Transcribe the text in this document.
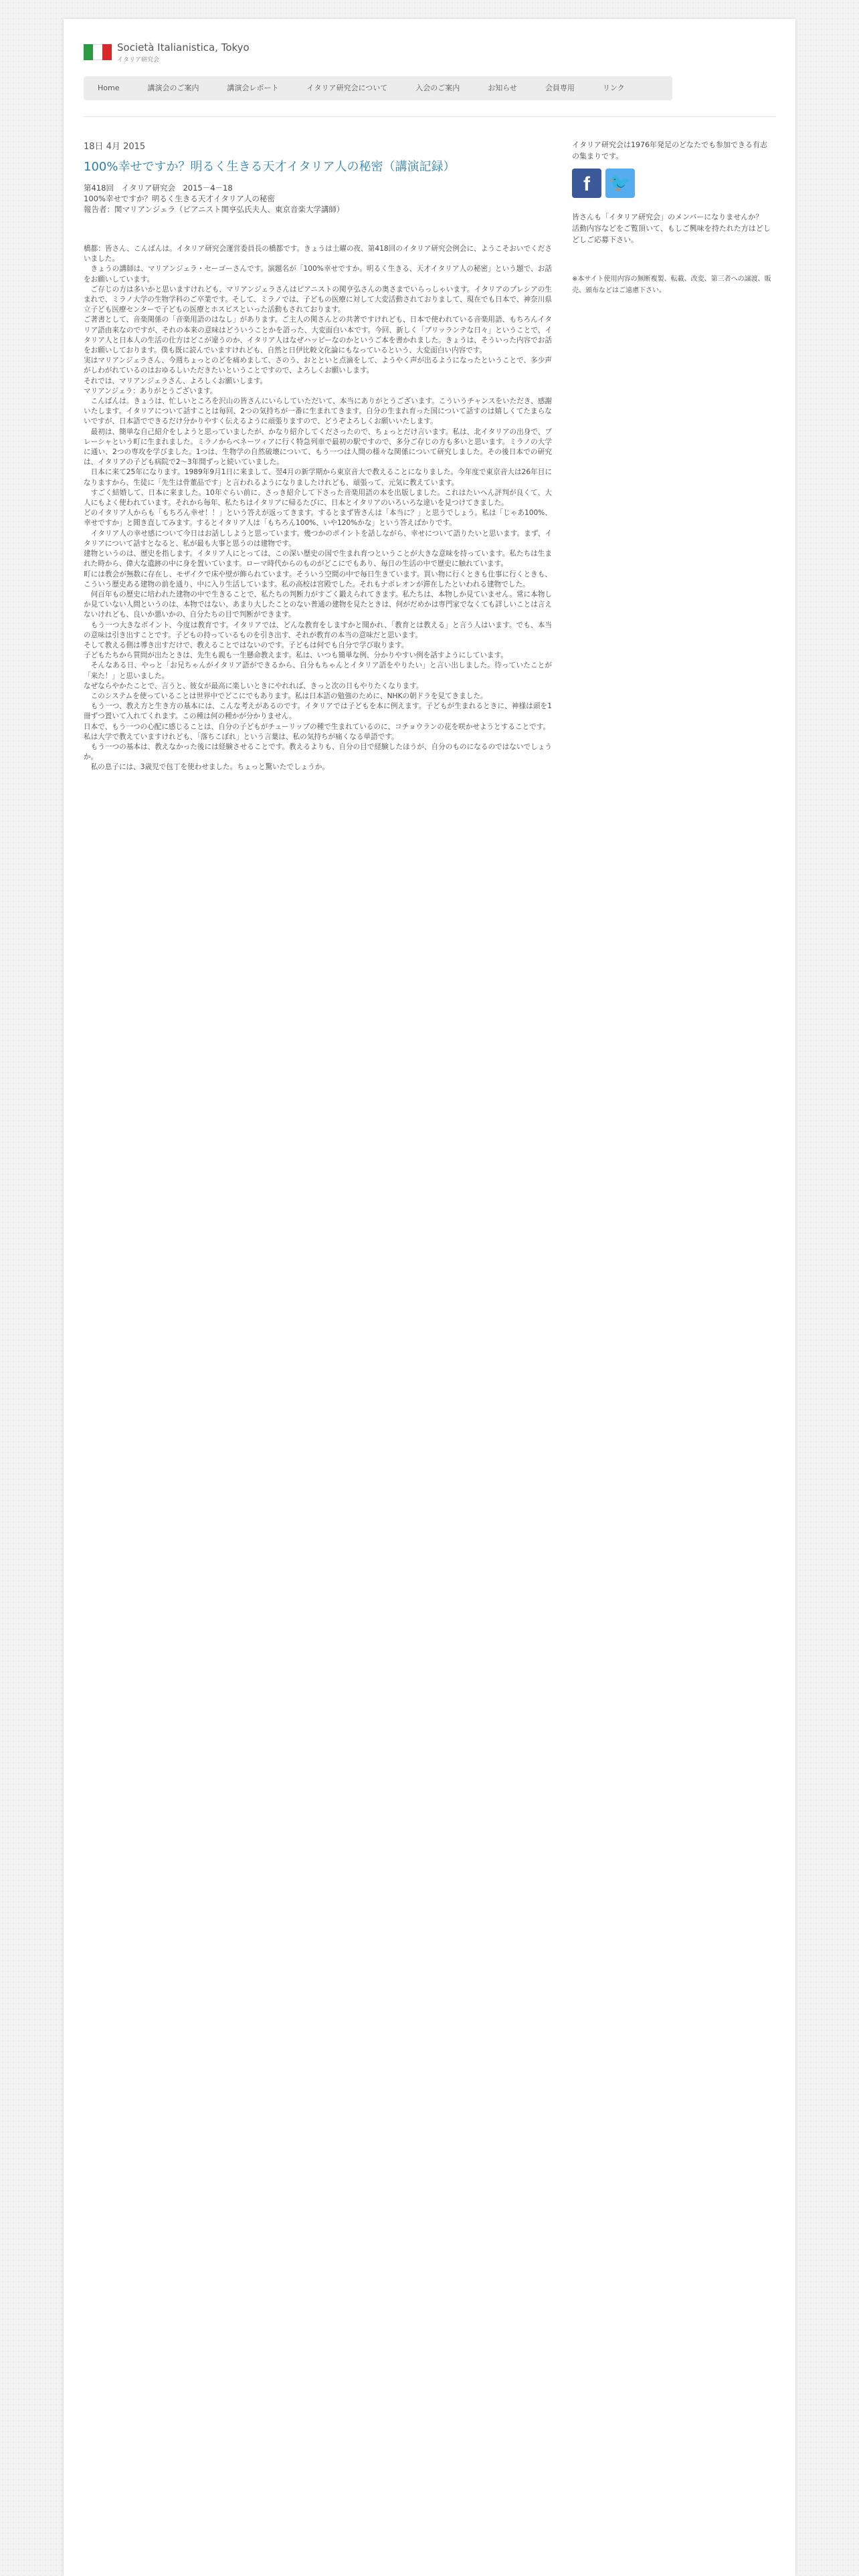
Società Italianistica, Tokyo
イタリア研究会
Home	講演会のご案内	講演会レポート	イタリア研究会について	入会のご案内	お知らせ	会員専用	リンク
18日 4月 2015
100%幸せですか？明るく生きる天才イタリア人の秘密（講演記録）
第418回　イタリア研究会　2015－4－18
100%幸せですか？明るく生きる天才イタリア人の秘密
報告者：関マリアンジェラ（ピアニスト関亨弘氏夫人、東京音楽大学講師）

橋都：皆さん、こんばんは。イタリア研究会運営委員長の橋都です。きょうは土曜の夜、第418回のイタリア研究会例会に、ようこそおいでくださいました。

　きょうの講師は、マリアンジェラ・セーゴーさんです。演題名が「100%幸せですか。明るく生きる、天才イタリア人の秘密」という題で、お話をお願いしています。

　ご存じの方は多いかと思いますけれども、マリアンジェラさんはピアニストの関亨弘さんの奥さまでいらっしゃいます。イタリアのプレシアの生まれで、ミラノ大学の生物学科のご卒業です。そして、ミラノでは、子どもの医療に対して大変活動されておりまして、現在でも日本で、神奈川県立子ども医療センターで子どもの医療とホスピスといった活動もされております。

ご著書として、音楽関係の「音楽用語のはなし」があります。ご主人の関さんとの共著ですけれども、日本で使われている音楽用語、もちろんイタリア語由来なのですが、それの本来の意味はどういうことかを語った、大変面白い本です。今回、新しく「ブリッランテな日々」ということで、イタリア人と日本人の生活の仕方はどこが違うのか、イタリア人はなぜハッピーなのかというご本を書かれました。きょうは、そういった内容でお話をお願いしております。僕も既に読んでいますけれども、自然と日伊比較文化論にもなっているという、大変面白い内容です。

実はマリアンジェラさん、今週ちょっとのどを痛めまして、さのう、おとといと点滴をして、ようやく声が出るようになったということで、多少声がしわがれているのはおゆるしいただきたいということですので、よろしくお願いします。

それでは、マリアンジェラさん、よろしくお願いします。

マリアンジェラ：ありがとうございます。

　こんばんは。きょうは、忙しいところを沢山の皆さんにいらしていただいて、本当にありがとうございます。こういうチャンスをいただき、感謝いたします。イタリアについて話すことは毎回、2つの気持ちが一番に生まれてきます。自分の生まれ育った国について話すのは嬉しくてたまらないですが、日本語でできるだけ分かりやすく伝えるように頑張りますので、どうぞよろしくお願いいたします。

　最初は、簡単な自己紹介をしようと思っていましたが、かなり紹介してくださったので、ちょっとだけ言います。私は、北イタリアの出身で、プレーシャという町に生まれました。ミラノからベネーツィアに行く特急列車で最初の駅ですので、多分ご存じの方も多いと思います。ミラノの大学に通い、2つの専攻を学びました。1つは、生物学の自然破壊について、もう一つは人間の様々な関係について研究しました。その後日本での研究は、イタリアの子ども病院で2～3年間ずっと続いていました。

　日本に来て25年になります。1989年9月1日に来まして、翌4月の新学期から東京音大で教えることになりました。今年度で東京音大は26年目になりますから、生徒に「先生は骨董品です」と言われるようになりましたけれども、頑張って、元気に教えています。

　すごく結婚して、日本に来ました。10年ぐらい前に、さっき紹介して下さった音楽用語の本を出版しました。これはたいへん評判が良くて、大人にもよく使われています。それから毎年、私たちはイタリアに帰るたびに、日本とイタリアのいろいろな違いを見つけてきました。

どのイタリア人からも「もちろん幸せ！！」という答えが返ってきます。するとまず皆さんは「本当に？」と思うでしょう。私は「じゃあ100%、幸せですか」と聞き直してみます。するとイタリア人は「もちろん100%、いや120%かな」という答えばかりです。

　イタリア人の幸せ感について今日はお話ししようと思っています。幾つかのポイントを話しながら、幸せについて語りたいと思います。まず、イタリアについて話すとなると、私が最も大事と思うのは建物です。

建物というのは、歴史を指します。イタリア人にとっては、この深い歴史の国で生まれ育つということが大きな意味を持っています。私たちは生まれた時から、偉大な遺跡の中に身を置いています。ローマ時代からのものがどこにでもあり、毎日の生活の中で歴史に触れています。

町には教会が無数に存在し、モザイクで床や壁が飾られています。そういう空間の中で毎日生きています。買い物に行くときも仕事に行くときも、こういう歴史ある建物の前を通り、中に入り生活しています。私の高校は宮殿でした。それもナポレオンが滞在したといわれる建物でした。

　何百年もの歴史に培われた建物の中で生きることで、私たちの判断力がすごく鍛えられてきます。私たちは、本物しか見ていません。常に本物しか見ていない人間というのは、本物ではない、あまり大したことのない普通の建物を見たときは、何がだめかは専門家でなくても詳しいことは言えないけれども、良いか悪いかの、自分たちの目で判断ができます。

　もう一つ大きなポイント、今度は教育です。イタリアでは、どんな教育をしますかと聞かれ、「教育とは教える」と言う人はいます。でも、本当の意味は引き出すことです。子どもの持っているものを引き出す、それが教育の本当の意味だと思います。

そして教える側は導き出すだけで、教えることではないのです。子どもは何でも自分で学び取ります。

子どもたちから質問が出たときは、先生も親も一生懸命教えます。私は、いつも簡単な例、分かりやすい例を話すようにしています。

　そんなある日、やっと「お兄ちゃんがイタリア語ができるから、自分もちゃんとイタリア語をやりたい」と言い出しました。待っていたことが「来た！」と思いました。

なぜならやかたことで、言うと、彼女が最高に楽しいときにやれれば、きっと次の日もやりたくなります。

　このシステムを使っていることは世界中でどこにでもあります。私は日本語の勉強のために、NHKの朝ドラを見てきました。

　もう一つ、教え方と生き方の基本には、こんな考えがあるのです。イタリアでは子どもを本に例えます。子どもが生まれるときに、神様は頭を1冊ずつ置いて入れてくれます。この種は何の種かが分かりません。

日本で、もう一つの心配に感じることは、自分の子どもがチューリップの種で生まれているのに、コチョウランの花を咲かせようとすることです。

私は大学で教えていますけれども、「落ちこぼれ」という言葉は、私の気持ちが痛くなる単語です。

　もう一つの基本は、教えなかった後には経験させることです。教えるよりも、自分の目で経験したほうが、自分のものになるのではないでしょうか。

　私の息子には、3歳児で包丁を使わせました。ちょっと驚いたでしょうか。

イタリア研究会は1976年発足のどなたでも参加できる有志の集まりです。
f	🐦
皆さんも「イタリア研究会」のメンバーになりませんか？
活動内容などをご覧頂いて、もしご興味を持たれた方はどしどしご応募下さい。
※本サイト使用内容の無断複製、転載、改変、第三者への譲渡、販売、頒布などはご遠慮下さい。
